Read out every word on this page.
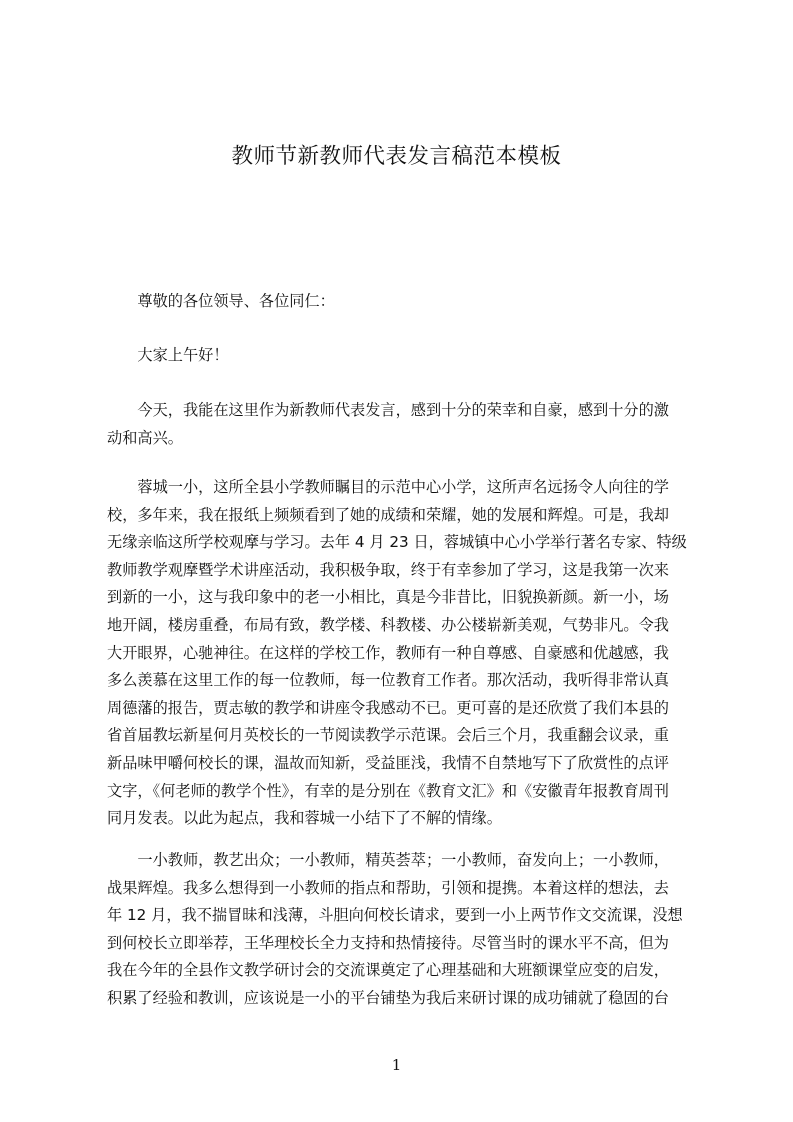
教师节新教师代表发言稿范本模板
　　尊敬的各位领导、各位同仁：
　　大家上午好！
　　今天，我能在这里作为新教师代表发言，感到十分的荣幸和自豪，感到十分的激
动和高兴。
　　蓉城一小，这所全县小学教师瞩目的示范中心小学，这所声名远扬令人向往的学
校，多年来，我在报纸上频频看到了她的成绩和荣耀，她的发展和辉煌。可是，我却
无缘亲临这所学校观摩与学习。去年 4 月 23 日，蓉城镇中心小学举行著名专家、特级
教师教学观摩暨学术讲座活动，我积极争取，终于有幸参加了学习，这是我第一次来
到新的一小，这与我印象中的老一小相比，真是今非昔比，旧貌换新颜。新一小，场
地开阔，楼房重叠，布局有致，教学楼、科教楼、办公楼崭新美观，气势非凡。令我
大开眼界，心驰神往。在这样的学校工作，教师有一种自尊感、自豪感和优越感，我
多么羡慕在这里工作的每一位教师，每一位教育工作者。那次活动，我听得非常认真
周德藩的报告，贾志敏的教学和讲座令我感动不已。更可喜的是还欣赏了我们本县的
省首届教坛新星何月英校长的一节阅读教学示范课。会后三个月，我重翻会议录，重
新品味甲嚼何校长的课，温故而知新，受益匪浅，我情不自禁地写下了欣赏性的点评
文字，《何老师的教学个性》，有幸的是分别在《教育文汇》和《安徽青年报教育周刊
同月发表。以此为起点，我和蓉城一小结下了不解的情缘。
　　一小教师，教艺出众；一小教师，精英荟萃；一小教师，奋发向上；一小教师，
战果辉煌。我多么想得到一小教师的指点和帮助，引领和提携。本着这样的想法，去
年 12 月，我不揣冒昧和浅薄，斗胆向何校长请求，要到一小上两节作文交流课，没想
到何校长立即举荐，王华理校长全力支持和热情接待。尽管当时的课水平不高，但为
我在今年的全县作文教学研讨会的交流课奠定了心理基础和大班额课堂应变的启发，
积累了经验和教训，应该说是一小的平台铺垫为我后来研讨课的成功铺就了稳固的台
1
